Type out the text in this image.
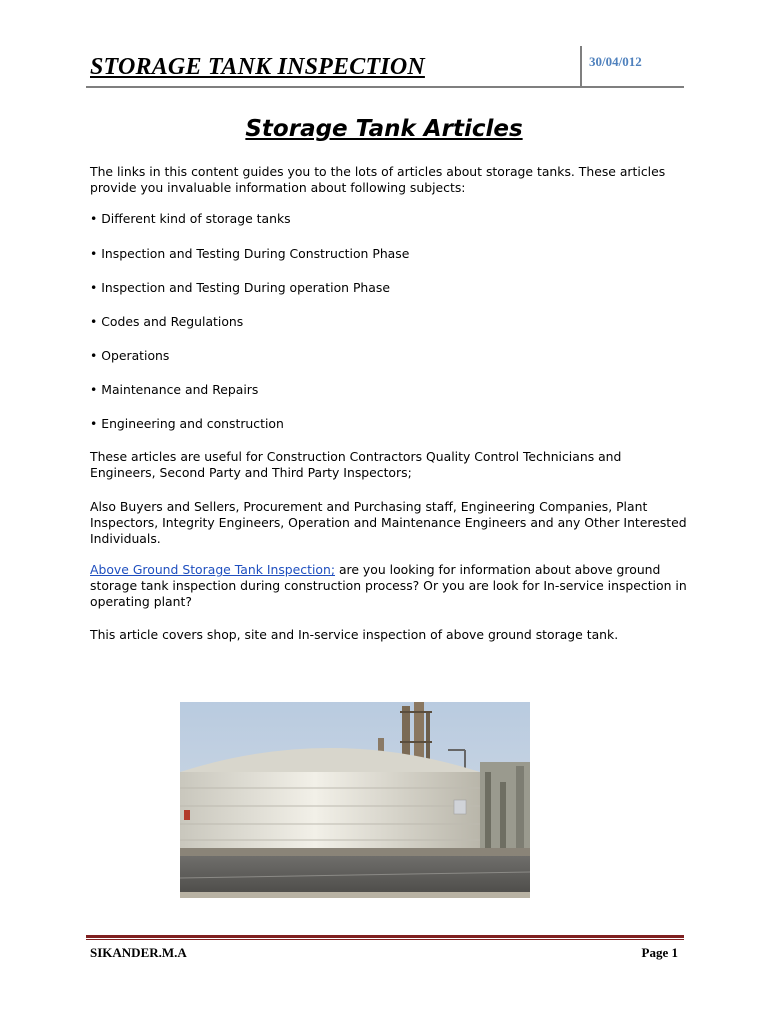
STORAGE TANK INSPECTION	30/04/012
Storage Tank Articles

The links in this content guides you to the lots of articles about storage tanks. These articles provide you invaluable information about following subjects:

• Different kind of storage tanks

• Inspection and Testing During Construction Phase

• Inspection and Testing During operation Phase

• Codes and Regulations

• Operations

• Maintenance and Repairs

• Engineering and construction

These articles are useful for Construction Contractors Quality Control Technicians and Engineers, Second Party and Third Party Inspectors;

Also Buyers and Sellers, Procurement and Purchasing staff, Engineering Companies, Plant Inspectors, Integrity Engineers, Operation and Maintenance Engineers and any Other Interested Individuals.

Above Ground Storage Tank Inspection; are you looking for information about above ground storage tank inspection during construction process? Or you are look for In-service inspection in operating plant?

This article covers shop, site and In-service inspection of above ground storage tank.

SIKANDER.M.A	Page 1
